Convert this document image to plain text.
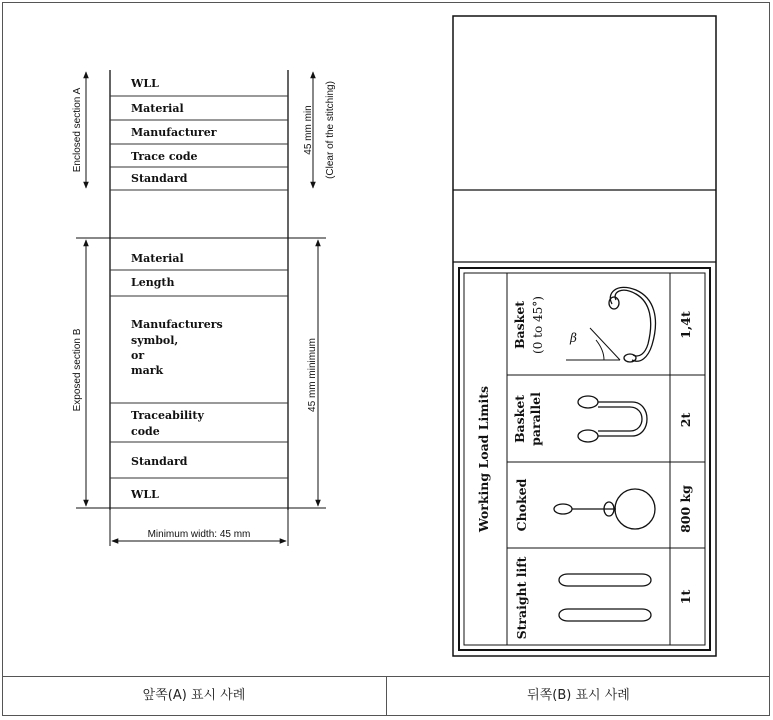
앞쪽(A) 표시 사례	뒤쪽(B) 표시 사례
WLL
Material
Manufacturer
Trace code
Standard
Material
Length
Manufacturers
symbol,
or
mark
Traceability
code
Standard
WLL
Enclosed section A
Exposed section B
45 mm min (Clear of the stitching)
45 mm minimum
Minimum width: 45 mm
Working Load Limits
Straight lift	1t
Choked	800 kg
Basket parallel	2t
Basket (0 to 45°) β	1,4t
